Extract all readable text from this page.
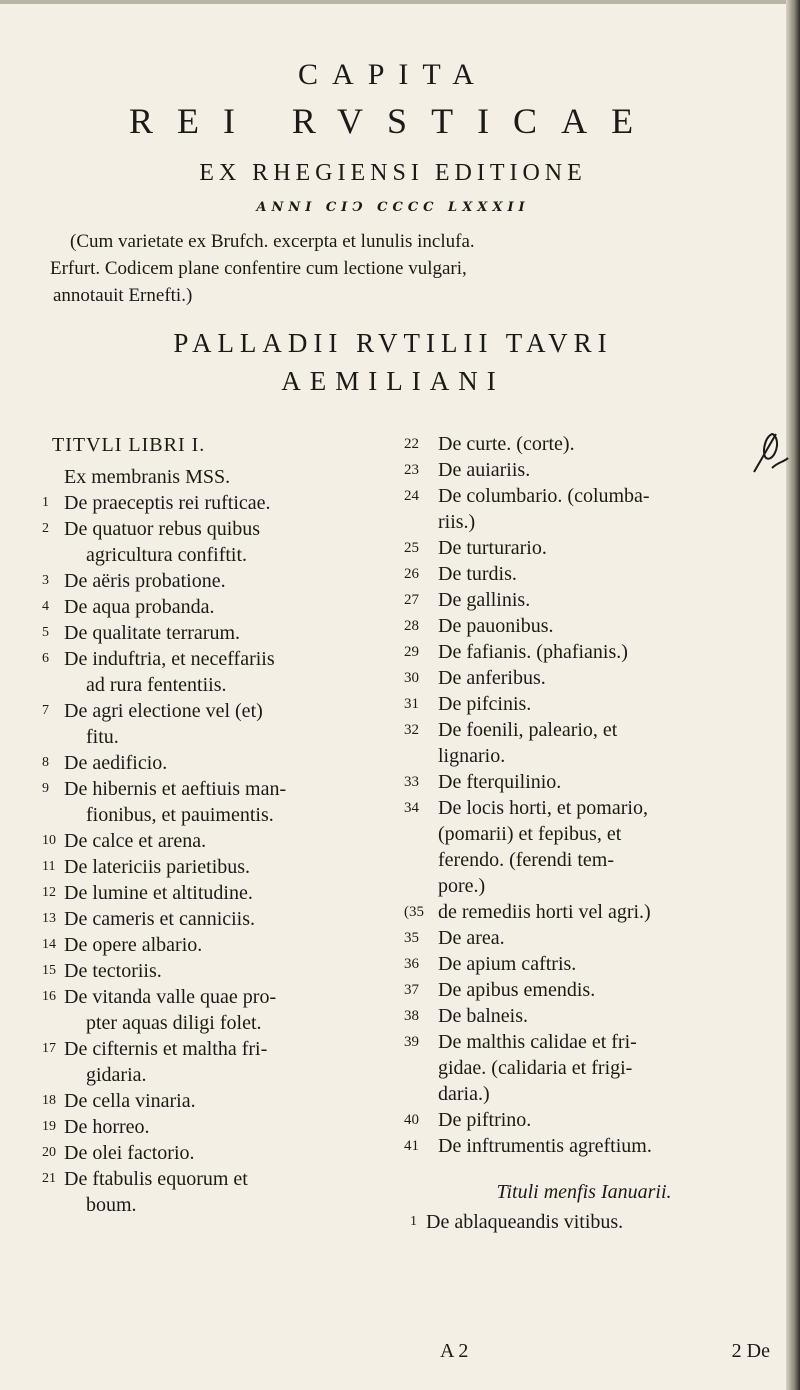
CAPITA
REI RVSTICAE
EX RHEGIENSI EDITIONE
ANNI CIↃ CCCC LXXXII
(Cum varietate ex Brufch. excerpta et lunulis inclufa.
Erfurt. Codicem plane confentire cum lectione vulgari,
annotauit Ernefti.)
PALLADII RVTILII TAVRI
AEMILIANI
TITVLI LIBRI I.
Ex membranis MSS.
1 De praeceptis rei rufticae.
2 De quatuor rebus quibus
agricultura confiftit.
3 De aëris probatione.
4 De aqua probanda.
5 De qualitate terrarum.
6 De induftria, et neceffariis
ad rura fententiis.
7 De agri electione vel (et)
fitu.
8 De aedificio.
9 De hibernis et aeftiuis man-
fionibus, et pauimentis.
10 De calce et arena.
11 De latericiis parietibus.
12 De lumine et altitudine.
13 De cameris et canniciis.
14 De opere albario.
15 De tectoriis.
16 De vitanda valle quae pro-
pter aquas diligi folet.
17 De cifternis et maltha fri-
gidaria.
18 De cella vinaria.
19 De horreo.
20 De olei factorio.
21 De ftabulis equorum et
boum.
22 De curte. (corte).
23 De auiariis.
24 De columbario. (columba-
riis.)
25 De turturario.
26 De turdis.
27 De gallinis.
28 De pauonibus.
29 De fafianis. (phafianis.)
30 De anferibus.
31 De pifcinis.
32 De foenili, paleario, et
lignario.
33 De fterquilinio.
34 De locis horti, et pomario,
(pomarii) et fepibus, et
ferendo. (ferendi tem-
pore.)
(35 de remediis horti vel agri.)
35 De area.
36 De apium caftris.
37 De apibus emendis.
38 De balneis.
39 De malthis calidae et fri-
gidae. (calidaria et frigi-
daria.)
40 De piftrino.
41 De inftrumentis agreftium.
Tituli menfis Ianuarii.
1 De ablaqueandis vitibus.
A 2	2 De
